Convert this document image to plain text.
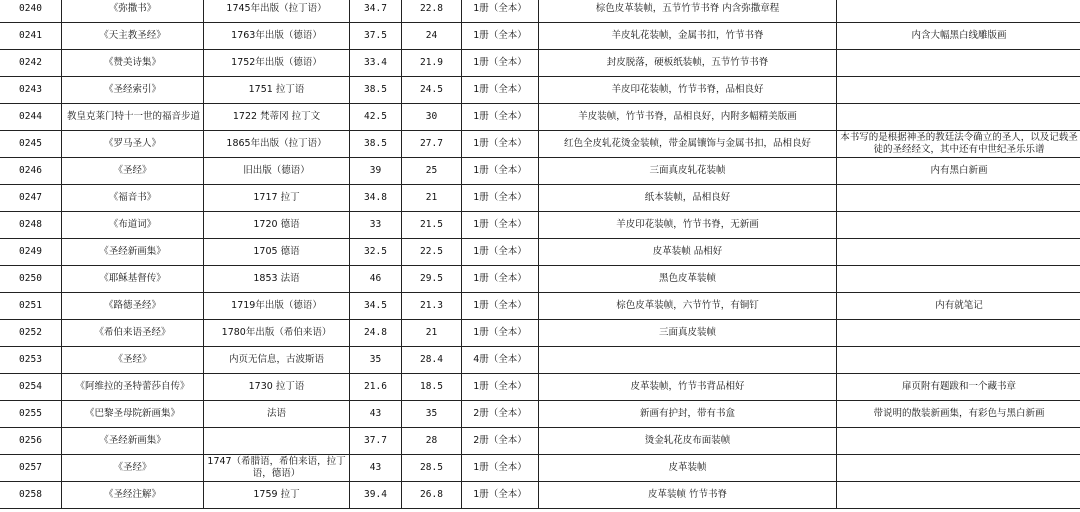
0240	《弥撒书》	1745年出版（拉丁语）	34.7	22.8	1册（全本）	棕色皮革装帧，五节竹节书脊 内含弥撒章程	
0241	《天主教圣经》	1763年出版（德语）	37.5	24	1册（全本）	羊皮轧花装帧，金属书扣，竹节书脊	内含大幅黑白线雕版画
0242	《赞美诗集》	1752年出版（德语）	33.4	21.9	1册（全本）	封皮脱落，硬板纸装帧，五节竹节书脊	
0243	《圣经索引》	1751 拉丁语	38.5	24.5	1册（全本）	羊皮印花装帧，竹节书脊，品相良好	
0244	教皇克莱门特十一世的福音步道	1722 梵蒂冈 拉丁文	42.5	30	1册（全本）	羊皮装帧，竹节书脊，品相良好，内附多幅精美版画	
0245	《罗马圣人》	1865年出版（拉丁语）	38.5	27.7	1册（全本）	红色全皮轧花烫金装帧，带金属镶饰与金属书扣，品相良好	本书写的是根据神圣的教廷法令确立的圣人，以及记载圣徒的圣经经文，其中还有中世纪圣乐乐谱
0246	《圣经》	旧出版（德语）	39	25	1册（全本）	三面真皮轧花装帧	内有黑白新画
0247	《福音书》	1717 拉丁	34.8	21	1册（全本）	纸本装帧，品相良好	
0248	《布道词》	1720 德语	33	21.5	1册（全本）	羊皮印花装帧，竹节书脊，无新画	
0249	《圣经新画集》	1705 德语	32.5	22.5	1册（全本）	皮革装帧 品相好	
0250	《耶稣基督传》	1853 法语	46	29.5	1册（全本）	黑色皮革装帧	
0251	《路德圣经》	1719年出版（德语）	34.5	21.3	1册（全本）	棕色皮革装帧，六节竹节，有铜钉	内有就笔记
0252	《希伯来语圣经》	1780年出版（希伯来语）	24.8	21	1册（全本）	三面真皮装帧	
0253	《圣经》	内页无信息，古波斯语	35	28.4	4册（全本）		
0254	《阿维拉的圣特蕾莎自传》	1730 拉丁语	21.6	18.5	1册（全本）	皮革装帧，竹节书背品相好	扉页附有题跋和一个藏书章
0255	《巴黎圣母院新画集》	法语	43	35	2册（全本）	新画有护封，带有书盒	带说明的散装新画集，有彩色与黑白新画
0256	《圣经新画集》		37.7	28	2册（全本）	烫金轧花皮布面装帧	
0257	《圣经》	1747（希腊语，希伯来语，拉丁语，德语）	43	28.5	1册（全本）	皮革装帧	
0258	《圣经注解》	1759 拉丁	39.4	26.8	1册（全本）	皮革装帧 竹节书脊	
